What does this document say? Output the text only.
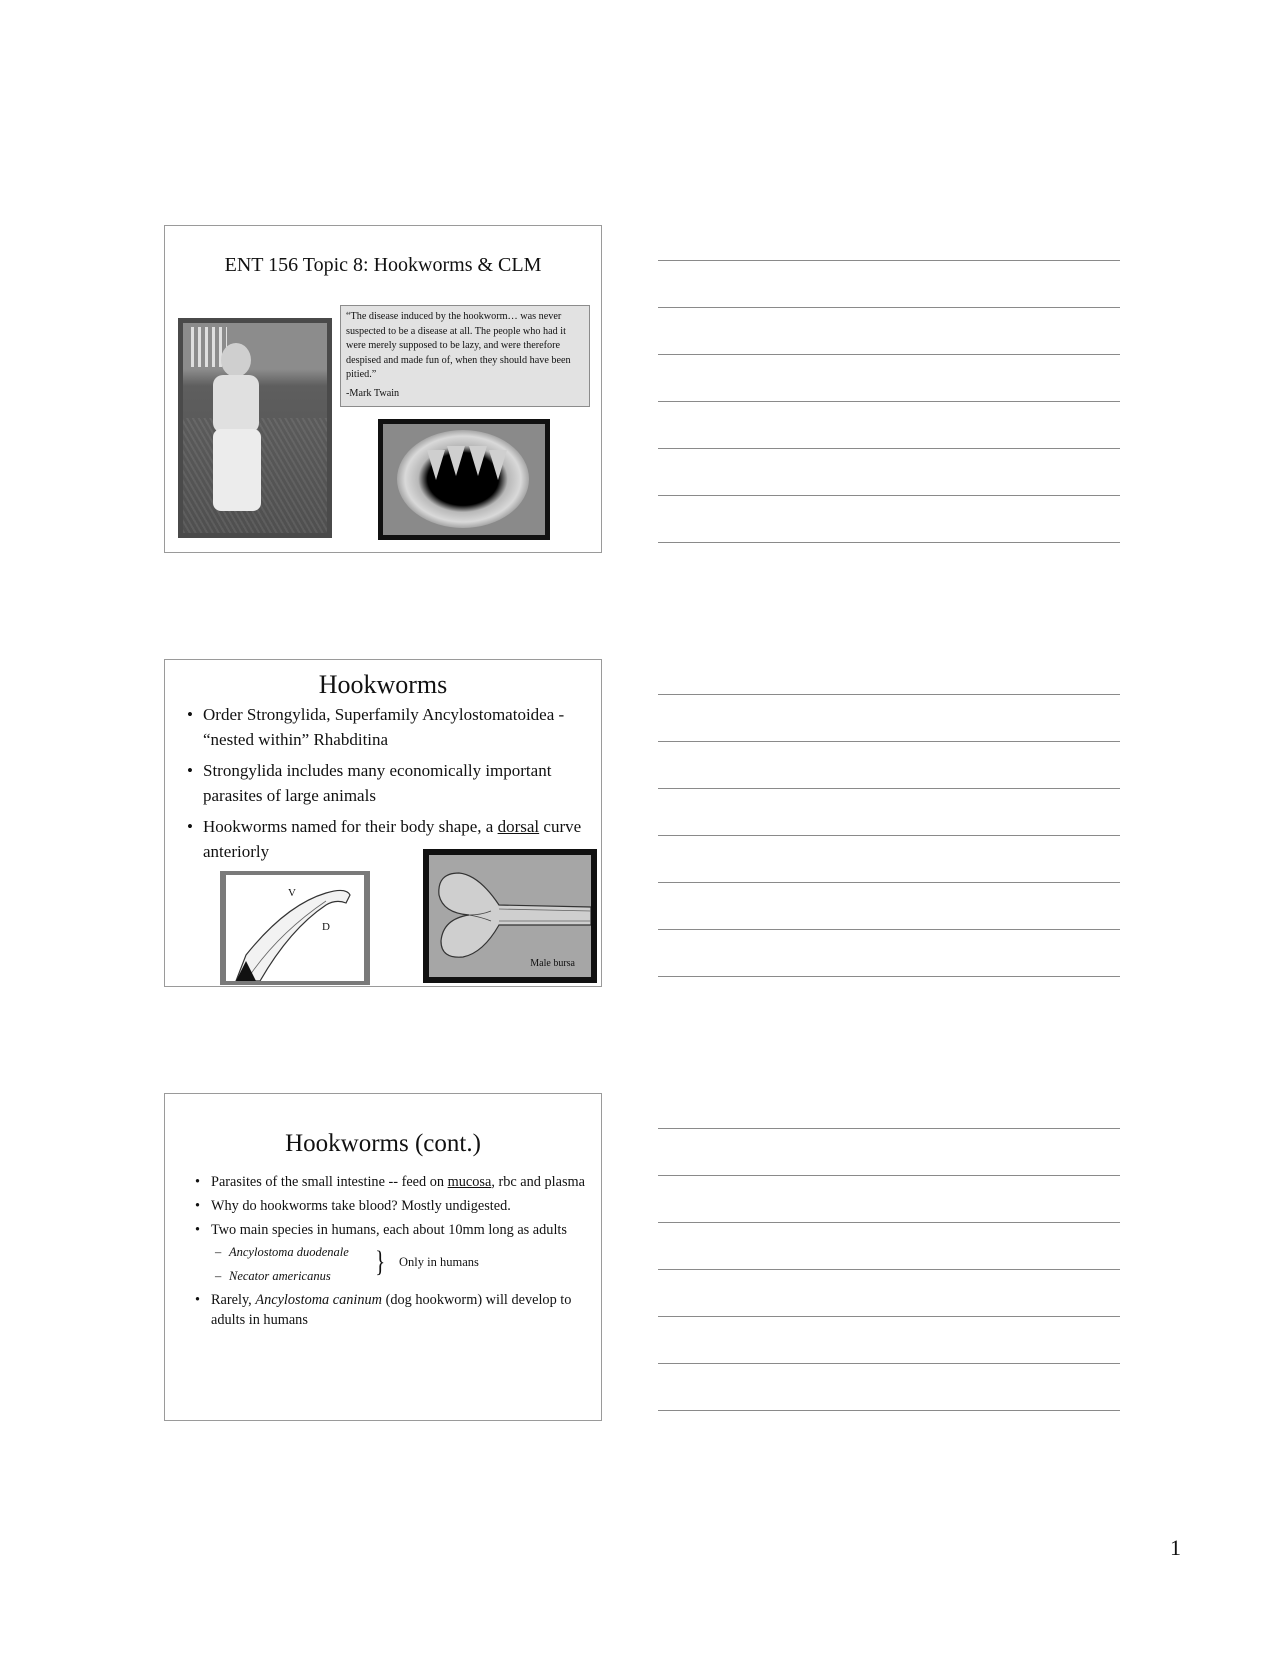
ENT 156 Topic 8: Hookworms & CLM

“The disease induced by the hookworm… was never suspected to be a disease at all. The people who had it were merely supposed to be lazy, and were therefore despised and made fun of, when they should have been pitied.”

-Mark Twain

Hookworms
• Order Strongylida, Superfamily Ancylostomatoidea - “nested within” Rhabditina
• Strongylida includes many economically important parasites of large animals
• Hookworms named for their body shape, a dorsal curve anteriorly
V
D
Male bursa
Hookworms (cont.)
• Parasites of the small intestine -- feed on mucosa, rbc and plasma
• Why do hookworms take blood? Mostly undigested.
• Two main species in humans, each about 10mm long as adults
– Ancylostoma duodenale
– Necator americanus	} Only in humans
• Rarely, Ancylostoma caninum (dog hookworm) will develop to adults in humans
1
